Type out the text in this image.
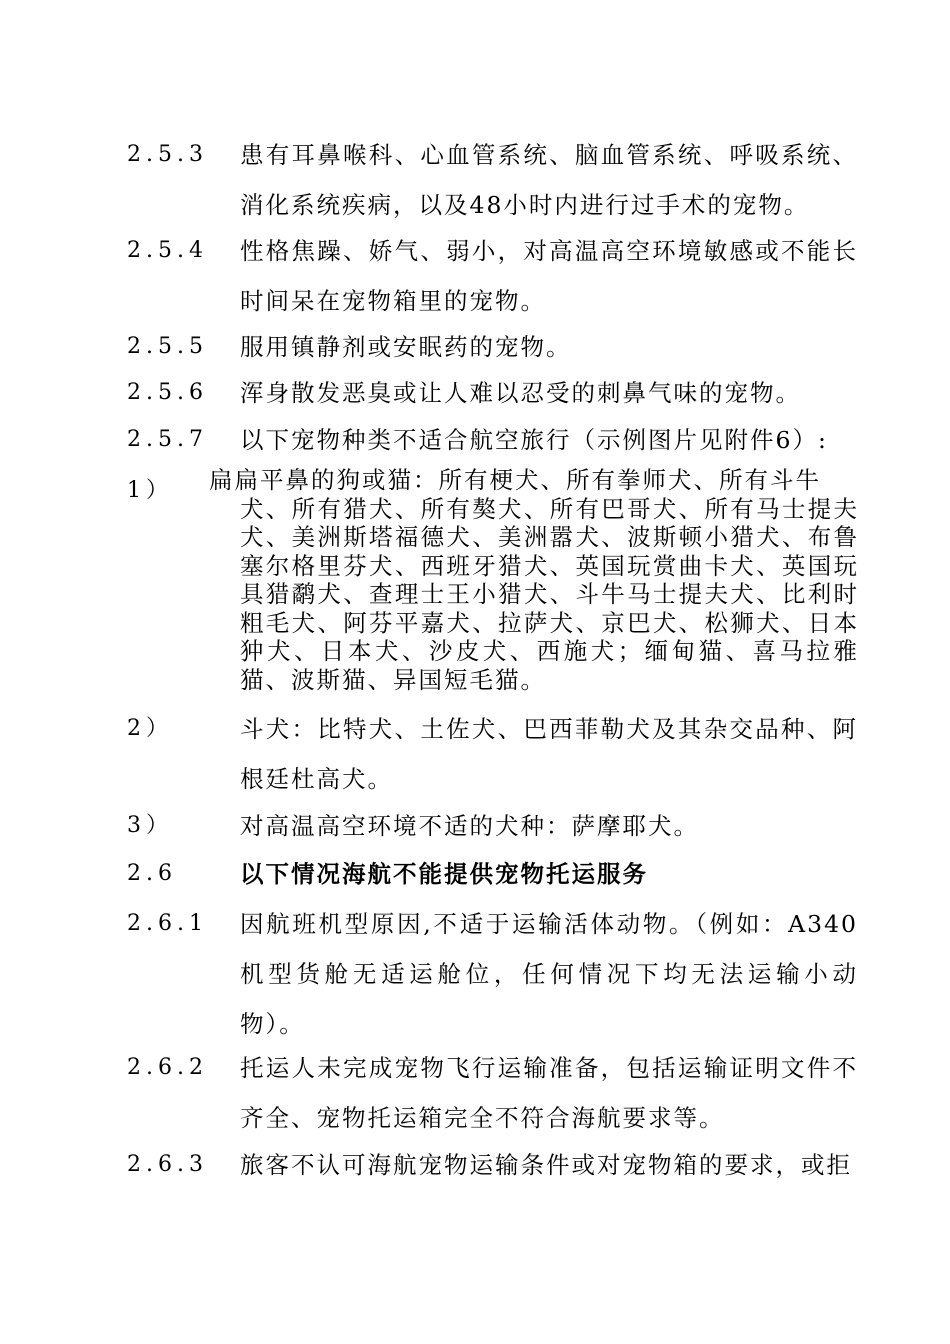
2.5.3 患有耳鼻喉科、心血管系统、脑血管系统、呼吸系统、消化系统疾病，以及48小时内进行过手术的宠物。
2.5.4 性格焦躁、娇气、弱小，对高温高空环境敏感或不能长时间呆在宠物箱里的宠物。
2.5.5 服用镇静剂或安眠药的宠物。
2.5.6 浑身散发恶臭或让人难以忍受的刺鼻气味的宠物。
2.5.7 以下宠物种类不适合航空旅行（示例图片见附件6）:
1） 扁扁平鼻的狗或猫：所有梗犬、所有拳师犬、所有斗牛
犬、所有猎犬、所有獒犬、所有巴哥犬、所有马士提夫犬、美洲斯塔福德犬、美洲嚣犬、波斯顿小猎犬、布鲁塞尔格里芬犬、西班牙猎犬、英国玩赏曲卡犬、英国玩具猎鹬犬、查理士王小猎犬、斗牛马士提夫犬、比利时粗毛犬、阿芬平嘉犬、拉萨犬、京巴犬、松狮犬、日本狆犬、日本犬、沙皮犬、西施犬；缅甸猫、喜马拉雅猫、波斯猫、异国短毛猫。
2）	斗犬：比特犬、土佐犬、巴西菲勒犬及其杂交品种、阿根廷杜高犬。
3）	对高温高空环境不适的犬种：萨摩耶犬。
2.6	以下情况海航不能提供宠物托运服务
2.6.1 因航班机型原因,不适于运输活体动物。（例如：A340机型货舱无适运舱位，任何情况下均无法运输小动物）。
2.6.2 托运人未完成宠物飞行运输准备，包括运输证明文件不齐全、宠物托运箱完全不符合海航要求等。
2.6.3 旅客不认可海航宠物运输条件或对宠物箱的要求，或拒
